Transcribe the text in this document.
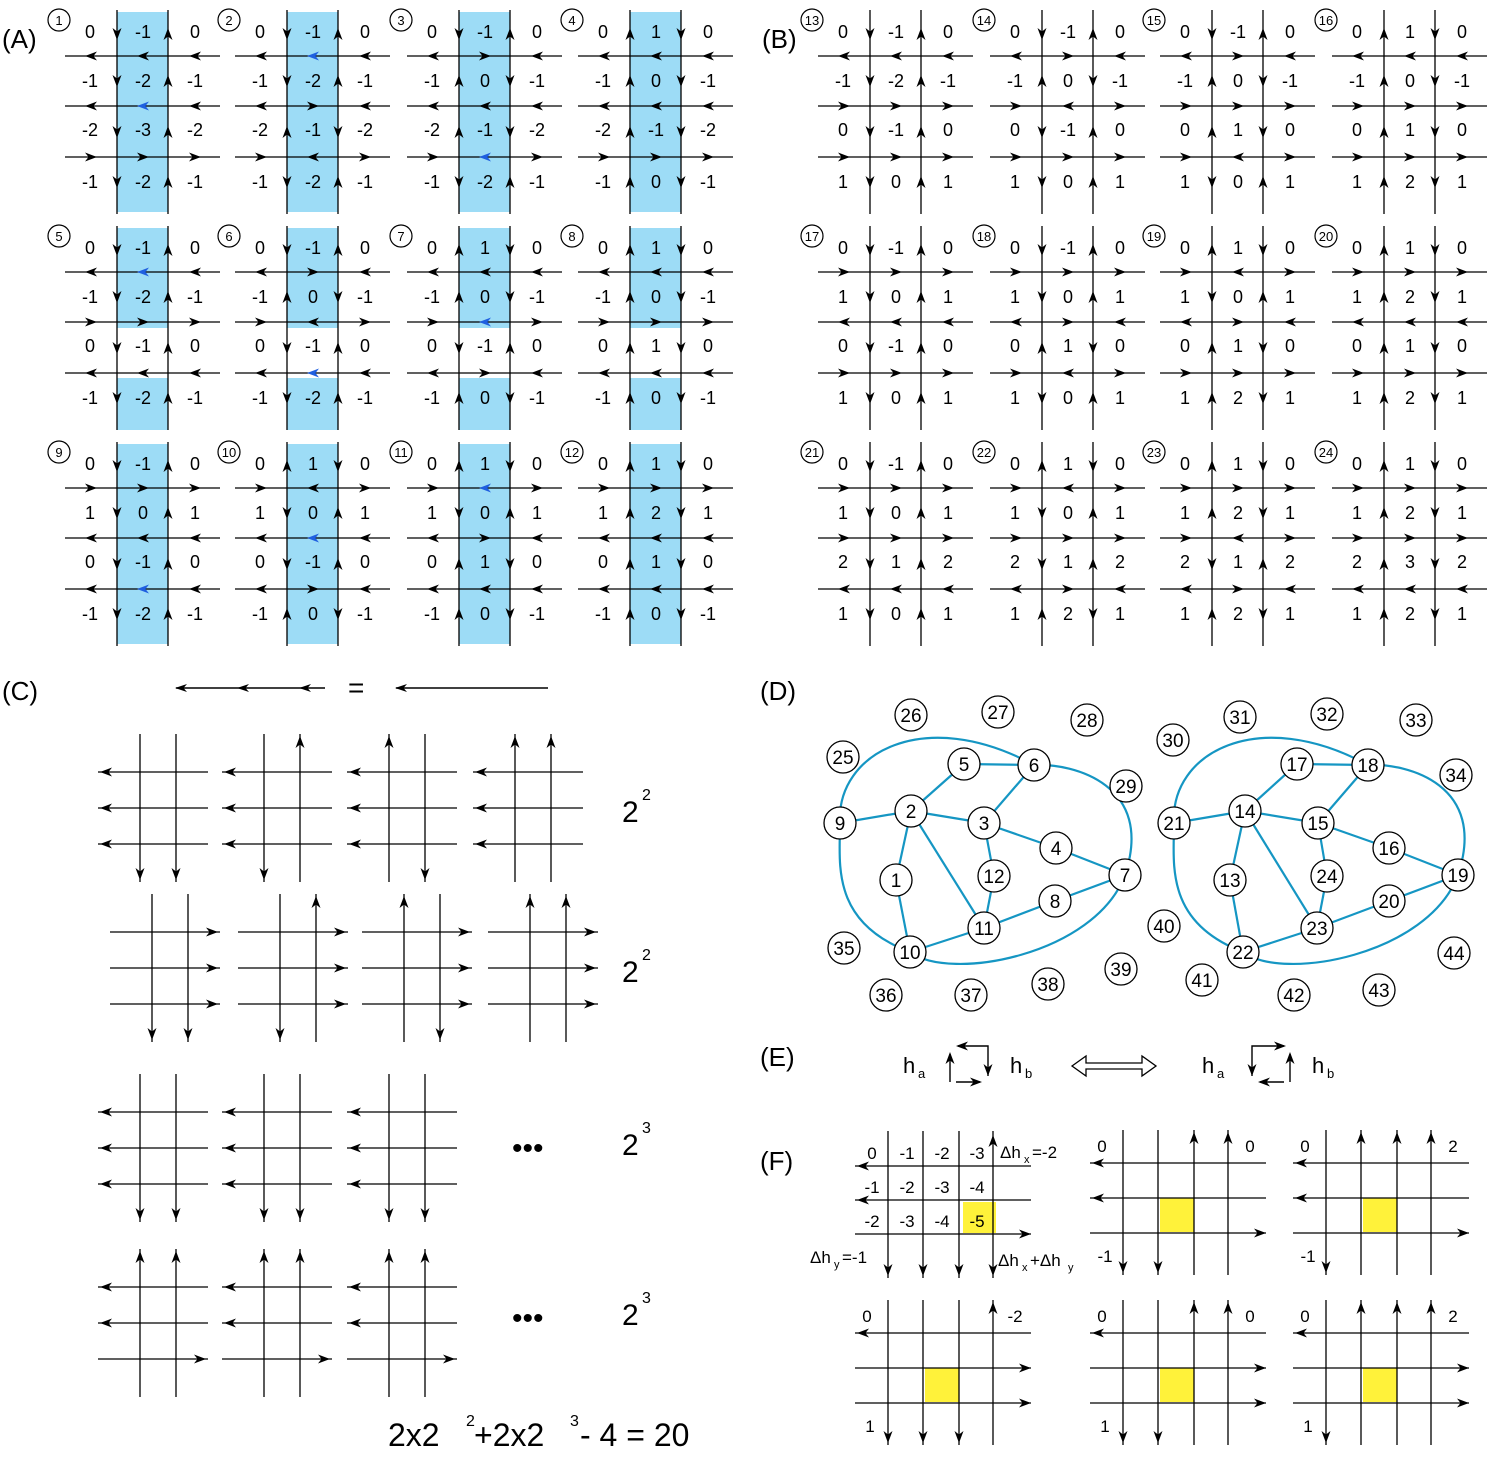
(A)	(B)
(C)	(D)
(E)
(F)
1
0 -1 0
-1 -2 -1
-2 -3 -2
-1 -2 -1
2
0 -1 0
-1 -2 -1
-2 -1 -2
-1 -2 -1
3
0 -1 0
-1 0 -1
-2 -1 -2
-1 -2 -1
4
0 1 0
-1 0 -1
-2 -1 -2
-1 0 -1
5
0 -1 0
-1 -2 -1
0 -1 0
-1 -2 -1
6
0 -1 0
-1 0 -1
0 -1 0
-1 -2 -1
7
0 1 0
-1 0 -1
0 -1 0
-1 0 -1
8
0 1 0
-1 0 -1
0 1 0
-1 0 -1
9
0 -1 0
1 0 1
0 -1 0
-1 -2 -1
10
0 1 0
1 0 1
0 -1 0
-1 0 -1
11
0 1 0
1 0 1
0 1 0
-1 0 -1
12
0 1 0
1 2 1
0 1 0
-1 0 -1
13
0 -1 0
-1 -2 -1
0 -1 0
1 0 1
14
0 -1 0
-1 0 -1
0 -1 0
1 0 1
15
0 -1 0
-1 0 -1
0 1 0
1 0 1
16
0 1 0
-1 0 -1
0 1 0
1 2 1
17
0 -1 0
1 0 1
0 -1 0
1 0 1
18
0 -1 0
1 0 1
0 1 0
1 0 1
19
0 1 0
1 0 1
0 1 0
1 2 1
20
0 1 0
1 2 1
0 1 0
1 2 1
21
0 -1 0
1 0 1
2 1 2
1 0 1
22
0 1 0
1 0 1
2 1 2
1 2 1
23
0 1 0
1 2 1
2 1 2
1 2 1
24
0 1 0
1 2 1
2 3 2
1 2 1
=
2
2
2
2
2
3
2
3
•••
•••
2x2 2 +2x2 3 - 4 = 20
1
2
3
4
5	6
7
8
9
10
11
12	13
14
15
16
17	18
19
20
21
22
23
24
25
26	27	28
29
30
31	32	33
34
35
36	37
38
39
40
41
42	43
44
h a	h b	h a	h b
0 -1 -2 -3
-1 -2 -3 -4
-2 -3 -4 -5
Δh x =-2
Δh y =-1	Δh x +Δh y
0	0
-1
0	2
-1
0	-2
1
0	0
1
0	2
1
